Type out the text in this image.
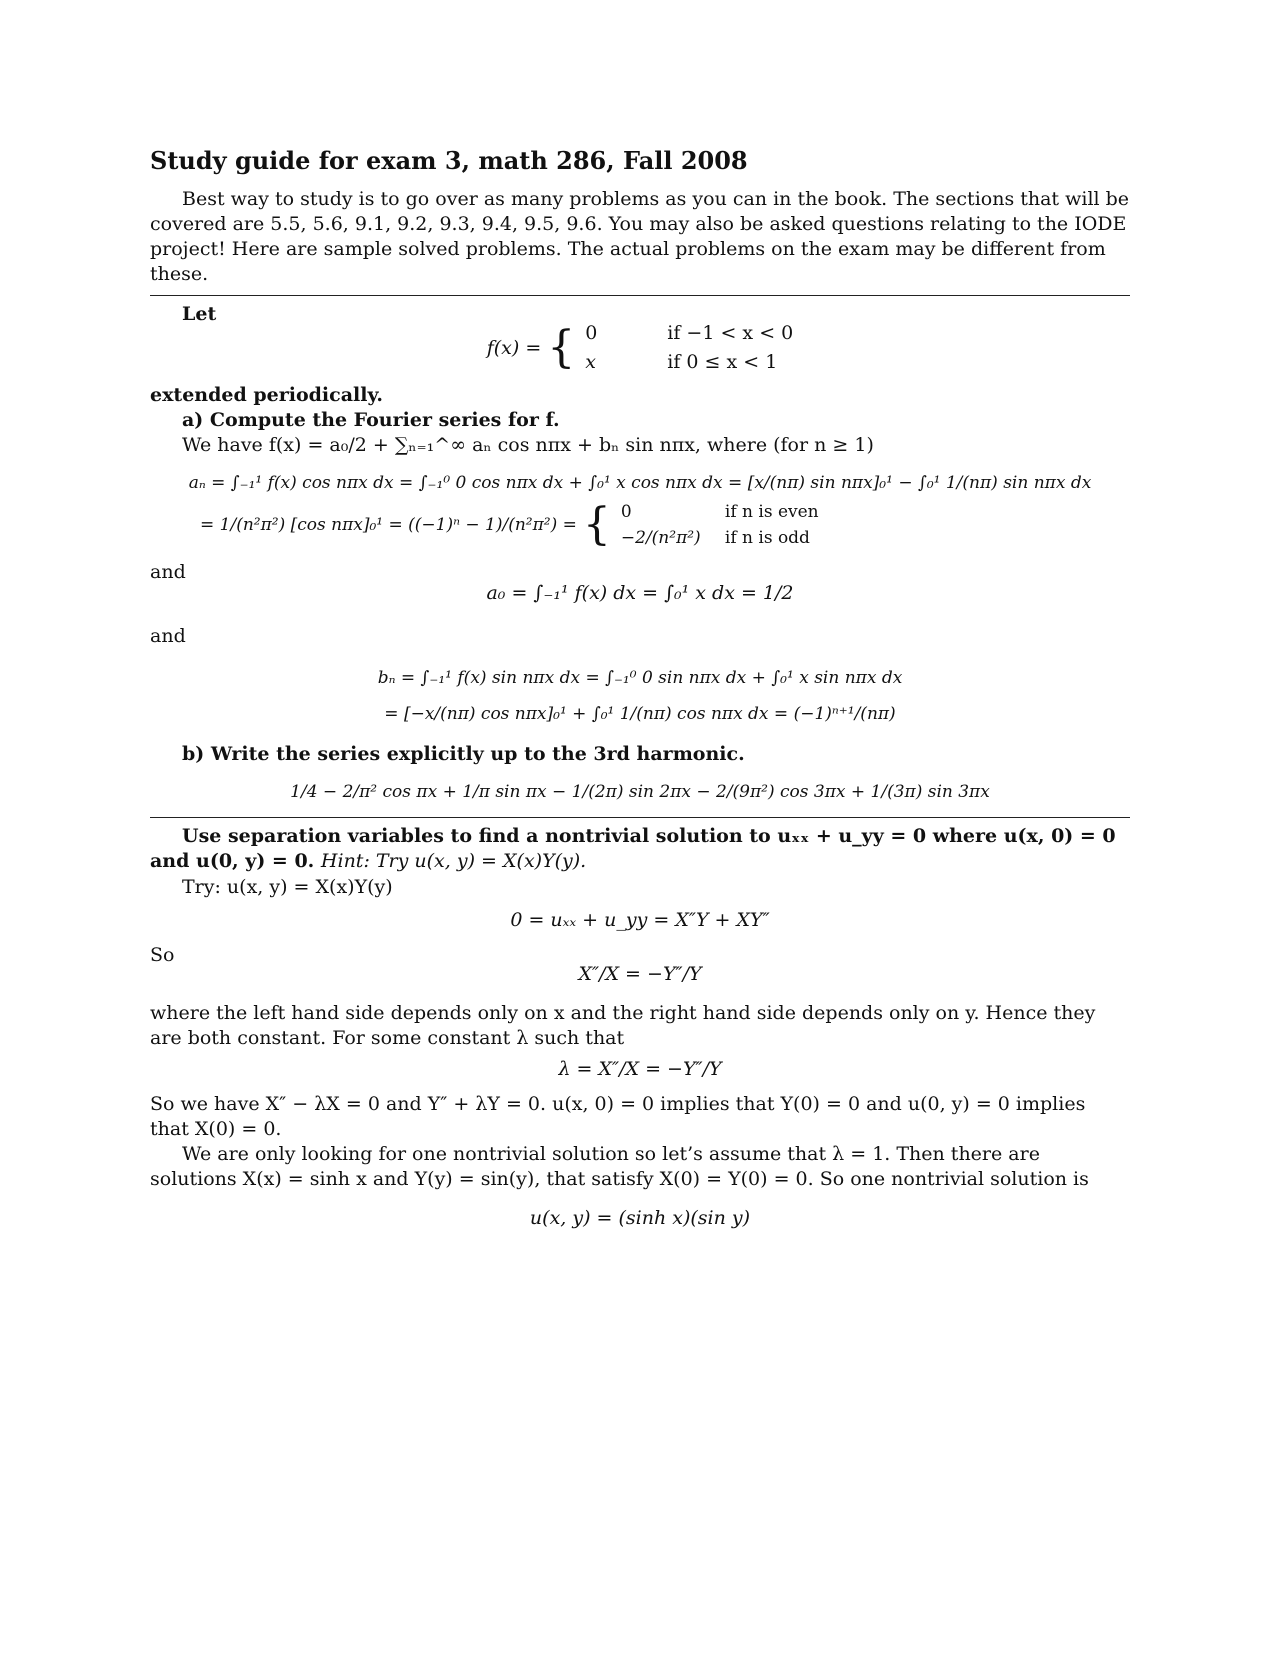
Study guide for exam 3, math 286, Fall 2008

Best way to study is to go over as many problems as you can in the book. The sections that will be covered are 5.5, 5.6, 9.1, 9.2, 9.3, 9.4, 9.5, 9.6. You may also be asked questions relating to the IODE project! Here are sample solved problems. The actual problems on the exam may be different from these.

Let

f(x) = { 0	if −1 < x < 0
x	if 0 ≤ x < 1

extended periodically.

a) Compute the Fourier series for f.

We have f(x) = a₀/2 + ∑ₙ₌₁^∞ aₙ cos nπx + bₙ sin nπx, where (for n ≥ 1)

aₙ = ∫₋₁¹ f(x) cos nπx dx = ∫₋₁⁰ 0 cos nπx dx + ∫₀¹ x cos nπx dx = [x/(nπ) sin nπx]₀¹ − ∫₀¹ 1/(nπ) sin nπx dx
= 1/(n²π²) [cos nπx]₀¹ = ((−1)ⁿ − 1)/(n²π²) = { 0	if n is even
−2/(n²π²) if n is odd

and

a₀ = ∫₋₁¹ f(x) dx = ∫₀¹ x dx = 1/2

and

bₙ = ∫₋₁¹ f(x) sin nπx dx = ∫₋₁⁰ 0 sin nπx dx + ∫₀¹ x sin nπx dx
= [−x/(nπ) cos nπx]₀¹ + ∫₀¹ 1/(nπ) cos nπx dx = (−1)ⁿ⁺¹/(nπ)

b) Write the series explicitly up to the 3rd harmonic.

1/4 − 2/π² cos πx + 1/π sin πx − 1/(2π) sin 2πx − 2/(9π²) cos 3πx + 1/(3π) sin 3πx

Use separation variables to find a nontrivial solution to uₓₓ + u_yy = 0 where u(x, 0) = 0 and u(0, y) = 0. Hint: Try u(x, y) = X(x)Y(y).

Try: u(x, y) = X(x)Y(y)

0 = uₓₓ + u_yy = X″Y + XY″

So

X″/X = −Y″/Y

where the left hand side depends only on x and the right hand side depends only on y. Hence they are both constant. For some constant λ such that

λ = X″/X = −Y″/Y

So we have X″ − λX = 0 and Y″ + λY = 0. u(x, 0) = 0 implies that Y(0) = 0 and u(0, y) = 0 implies that X(0) = 0.

We are only looking for one nontrivial solution so let’s assume that λ = 1. Then there are solutions X(x) = sinh x and Y(y) = sin(y), that satisfy X(0) = Y(0) = 0. So one nontrivial solution is

u(x, y) = (sinh x)(sin y)
